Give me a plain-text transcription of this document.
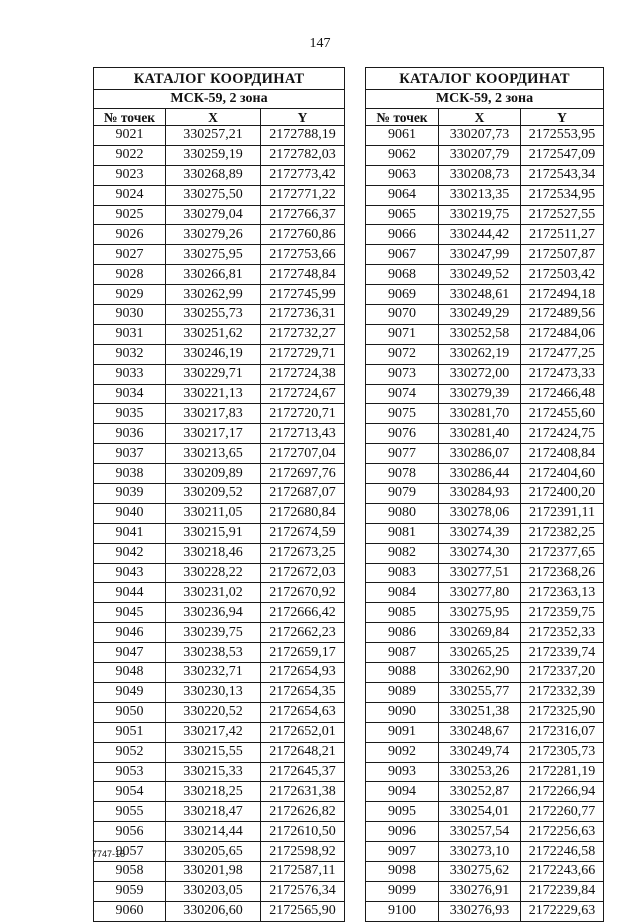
147
КАТАЛОГ КООРДИНАТ		
МСК-59, 2 зона		
№ точек	X	Y
9021	330257,21	2172788,19
9022	330259,19	2172782,03
9023	330268,89	2172773,42
9024	330275,50	2172771,22
9025	330279,04	2172766,37
9026	330279,26	2172760,86
9027	330275,95	2172753,66
9028	330266,81	2172748,84
9029	330262,99	2172745,99
9030	330255,73	2172736,31
9031	330251,62	2172732,27
9032	330246,19	2172729,71
9033	330229,71	2172724,38
9034	330221,13	2172724,67
9035	330217,83	2172720,71
9036	330217,17	2172713,43
9037	330213,65	2172707,04
9038	330209,89	2172697,76
9039	330209,52	2172687,07
9040	330211,05	2172680,84
9041	330215,91	2172674,59
9042	330218,46	2172673,25
9043	330228,22	2172672,03
9044	330231,02	2172670,92
9045	330236,94	2172666,42
9046	330239,75	2172662,23
9047	330238,53	2172659,17
9048	330232,71	2172654,93
9049	330230,13	2172654,35
9050	330220,52	2172654,63
9051	330217,42	2172652,01
9052	330215,55	2172648,21
9053	330215,33	2172645,37
9054	330218,25	2172631,38
9055	330218,47	2172626,82
9056	330214,44	2172610,50
9057	330205,65	2172598,92
9058	330201,98	2172587,11
9059	330203,05	2172576,34
9060	330206,60	2172565,90
КАТАЛОГ КООРДИНАТ		
МСК-59, 2 зона		
№ точек	X	Y
9061	330207,73	2172553,95
9062	330207,79	2172547,09
9063	330208,73	2172543,34
9064	330213,35	2172534,95
9065	330219,75	2172527,55
9066	330244,42	2172511,27
9067	330247,99	2172507,87
9068	330249,52	2172503,42
9069	330248,61	2172494,18
9070	330249,29	2172489,56
9071	330252,58	2172484,06
9072	330262,19	2172477,25
9073	330272,00	2172473,33
9074	330279,39	2172466,48
9075	330281,70	2172455,60
9076	330281,40	2172424,75
9077	330286,07	2172408,84
9078	330286,44	2172404,60
9079	330284,93	2172400,20
9080	330278,06	2172391,11
9081	330274,39	2172382,25
9082	330274,30	2172377,65
9083	330277,51	2172368,26
9084	330277,80	2172363,13
9085	330275,95	2172359,75
9086	330269,84	2172352,33
9087	330265,25	2172339,74
9088	330262,90	2172337,20
9089	330255,77	2172332,39
9090	330251,38	2172325,90
9091	330248,67	2172316,07
9092	330249,74	2172305,73
9093	330253,26	2172281,19
9094	330252,87	2172266,94
9095	330254,01	2172260,77
9096	330257,54	2172256,63
9097	330273,10	2172246,58
9098	330275,62	2172243,66
9099	330276,91	2172239,84
9100	330276,93	2172229,63
7747-18
